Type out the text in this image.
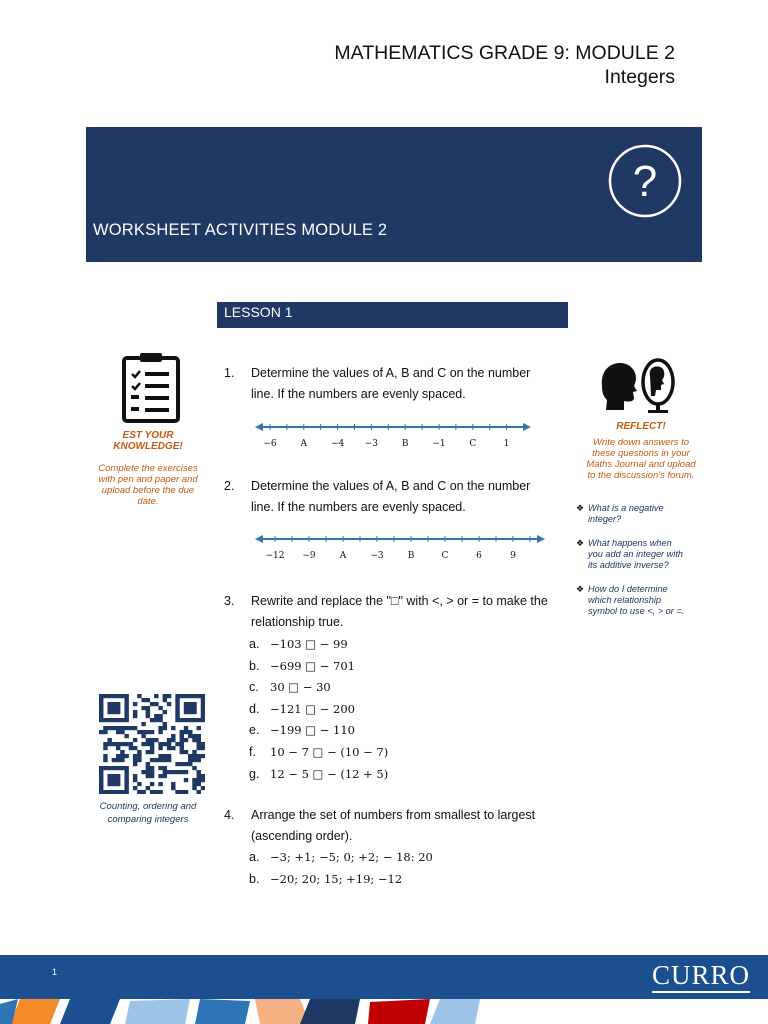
MATHEMATICS GRADE 9: MODULE 2
Integers
WORKSHEET ACTIVITIES MODULE 2
?
LESSON 1
EST YOUR
KNOWLEDGE!
Complete the exercises
with pen and paper and
upload before the due
date.
Counting, ordering and
comparing integers
REFLECT!
Write down answers to
these questions in your
Maths Journal and upload
to the discussion's forum.
❖ What is a negative
integer?
❖ What happens when
you add an integer with
its additive inverse?
❖ How do I determine
which relationship
symbol to use <, > or =.
1. Determine the values of A, B and C on the number line. If the numbers are evenly spaced.
−6	A	−4 −3	B	−1	C	1
2. Determine the values of A, B and C on the number line. If the numbers are evenly spaced.
−12 −9	A	−3	B	C	6	9
3. Rewrite and replace the "□" with <, > or = to make the relationship true.
a. −103 □ − 99
b. −699 □ − 701
c. 30 □ − 30
d. −121 □ − 200
e. −199 □ − 110
f. 10 − 7 □ − (10 − 7)
g. 12 − 5 □ − (12 + 5)
4. Arrange the set of numbers from smallest to largest (ascending order).
a. −3; +1; −5; 0; +2; − 18: 20
b. −20; 20; 15; +19; −12
1	CURRO
